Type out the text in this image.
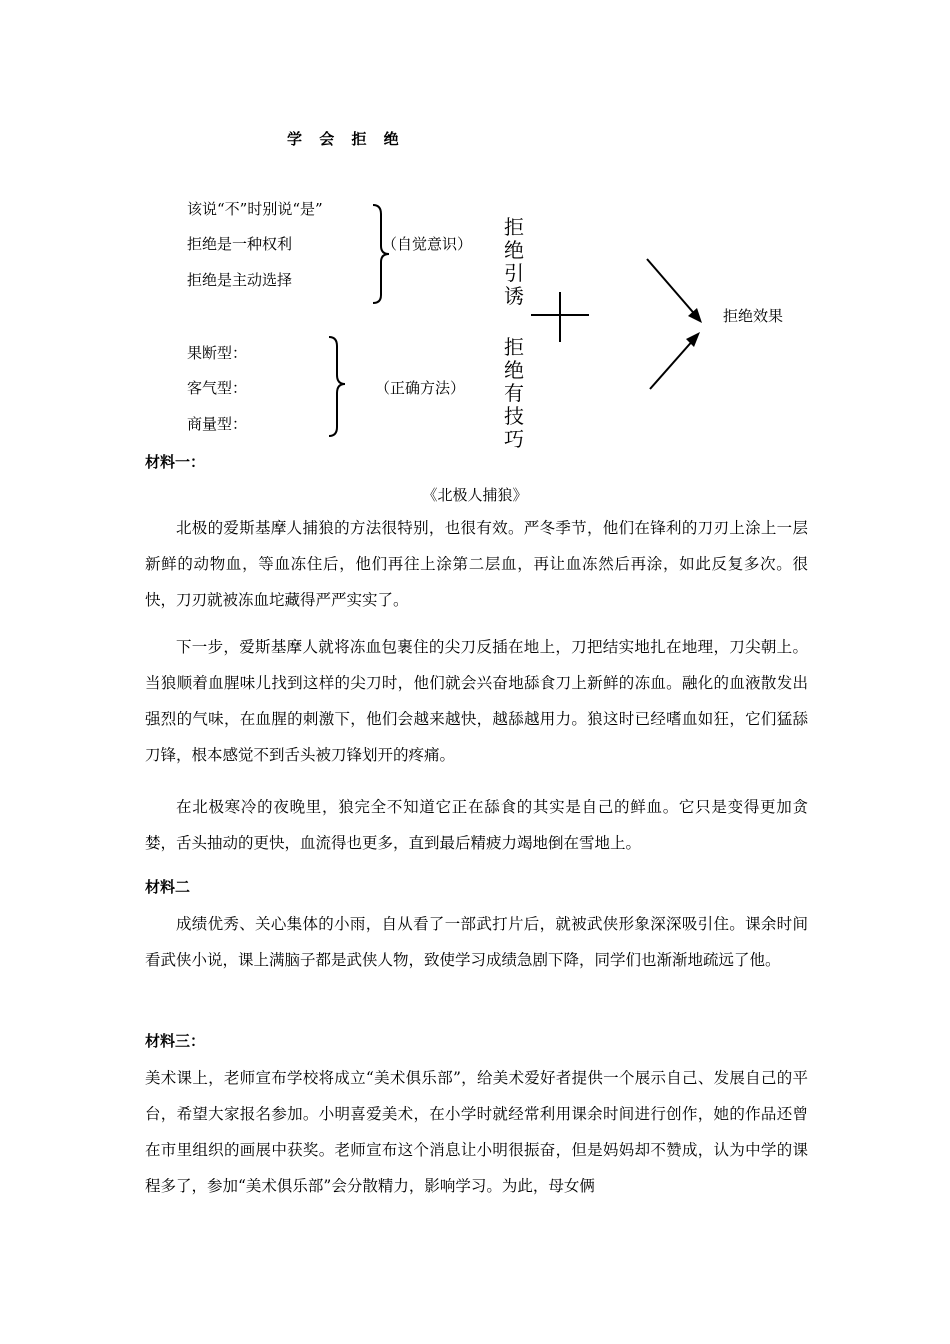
学 会 拒 绝
该说“不”时别说“是”
拒绝是一种权利
拒绝是主动选择
（自觉意识）
果断型：
客气型：
商量型：
（正确方法）
拒绝引诱
拒绝有技巧
拒绝效果
材料一：
《北极人捕狼》

北极的爱斯基摩人捕狼的方法很特别，也很有效。严冬季节，他们在锋利的刀刃上涂上一层新鲜的动物血，等血冻住后，他们再往上涂第二层血，再让血冻然后再涂，如此反复多次。很快，刀刃就被冻血坨藏得严严实实了。

下一步，爱斯基摩人就将冻血包裹住的尖刀反插在地上，刀把结实地扎在地理，刀尖朝上。当狼顺着血腥味儿找到这样的尖刀时，他们就会兴奋地舔食刀上新鲜的冻血。融化的血液散发出强烈的气味，在血腥的刺激下，他们会越来越快，越舔越用力。狼这时已经嗜血如狂，它们猛舔刀锋，根本感觉不到舌头被刀锋划开的疼痛。

在北极寒冷的夜晚里，狼完全不知道它正在舔食的其实是自己的鲜血。它只是变得更加贪婪，舌头抽动的更快，血流得也更多，直到最后精疲力竭地倒在雪地上。

材料二

成绩优秀、关心集体的小雨，自从看了一部武打片后，就被武侠形象深深吸引住。课余时间看武侠小说，课上满脑子都是武侠人物，致使学习成绩急剧下降，同学们也渐渐地疏远了他。

材料三：

美术课上，老师宣布学校将成立“美术俱乐部”，给美术爱好者提供一个展示自己、发展自己的平台，希望大家报名参加。小明喜爱美术，在小学时就经常利用课余时间进行创作，她的作品还曾在市里组织的画展中获奖。老师宣布这个消息让小明很振奋，但是妈妈却不赞成，认为中学的课程多了，参加“美术俱乐部”会分散精力，影响学习。为此，母女俩
